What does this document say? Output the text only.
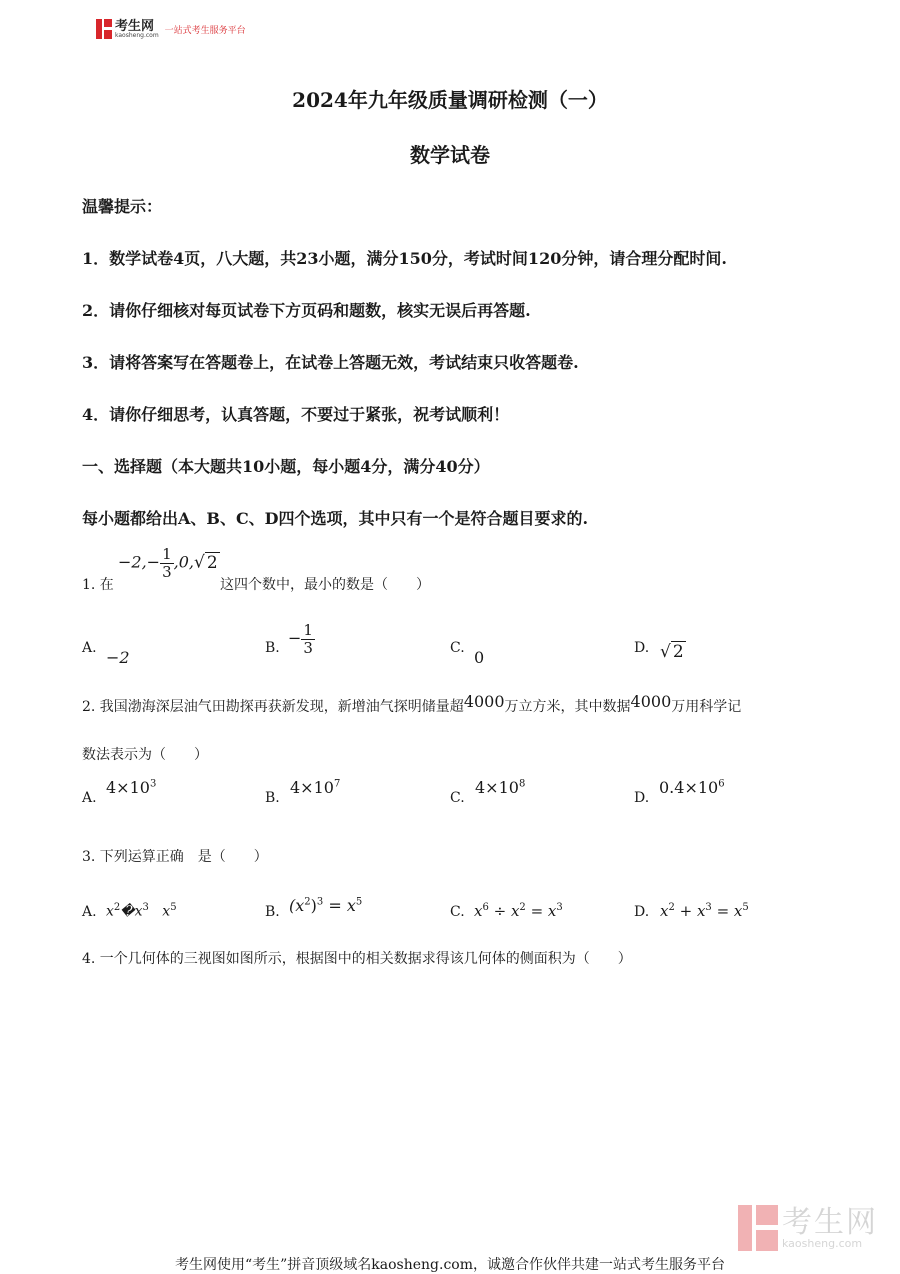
考生网
kaosheng.com 一站式考生服务平台
2024年九年级质量调研检测（一）
数学试卷
温馨提示：
1．数学试卷4页，八大题，共23小题，满分150分，考试时间120分钟，请合理分配时间.
2．请你仔细核对每页试卷下方页码和题数，核实无误后再答题.
3．请将答案写在答题卷上，在试卷上答题无效，考试结束只收答题卷.
4．请你仔细思考，认真答题，不要过于紧张，祝考试顺利！
一、选择题（本大题共10小题，每小题4分，满分40分）
每小题都给出A、B、C、D四个选项，其中只有一个是符合题目要求的.
1. 在
$-2,- \frac{1}{3} ,0,√$ 2
这四个数中，最小的数是（　　）
A. −2	B.
− $\frac{1}{3}$	C. 0	D. √ 2
2. 我国渤海深层油气田勘探再获新发现，新增油气探明储量超4000万立方米，其中数据4000万用科学记
数法表示为（　　）
A.
$4\times 10^3$
B.
$4\times 10^7$
C.
$4\times 10^8$
D.
$0.4\times 10^6$
3. 下列运算正确　是（　　）
A. $x^2�x^3$ $x^5$	B. $(x^2)^3 = x^5$
C. $x^6 \div x^2 = x^3$	D. $x^2 + x^3 = x^5$
4. 一个几何体的三视图如图所示，根据图中的相关数据求得该几何体的侧面积为（　　）
考生网
kaosheng.com
考生网使用“考生”拼音顶级域名kaosheng.com，诚邀合作伙伴共建一站式考生服务平台
